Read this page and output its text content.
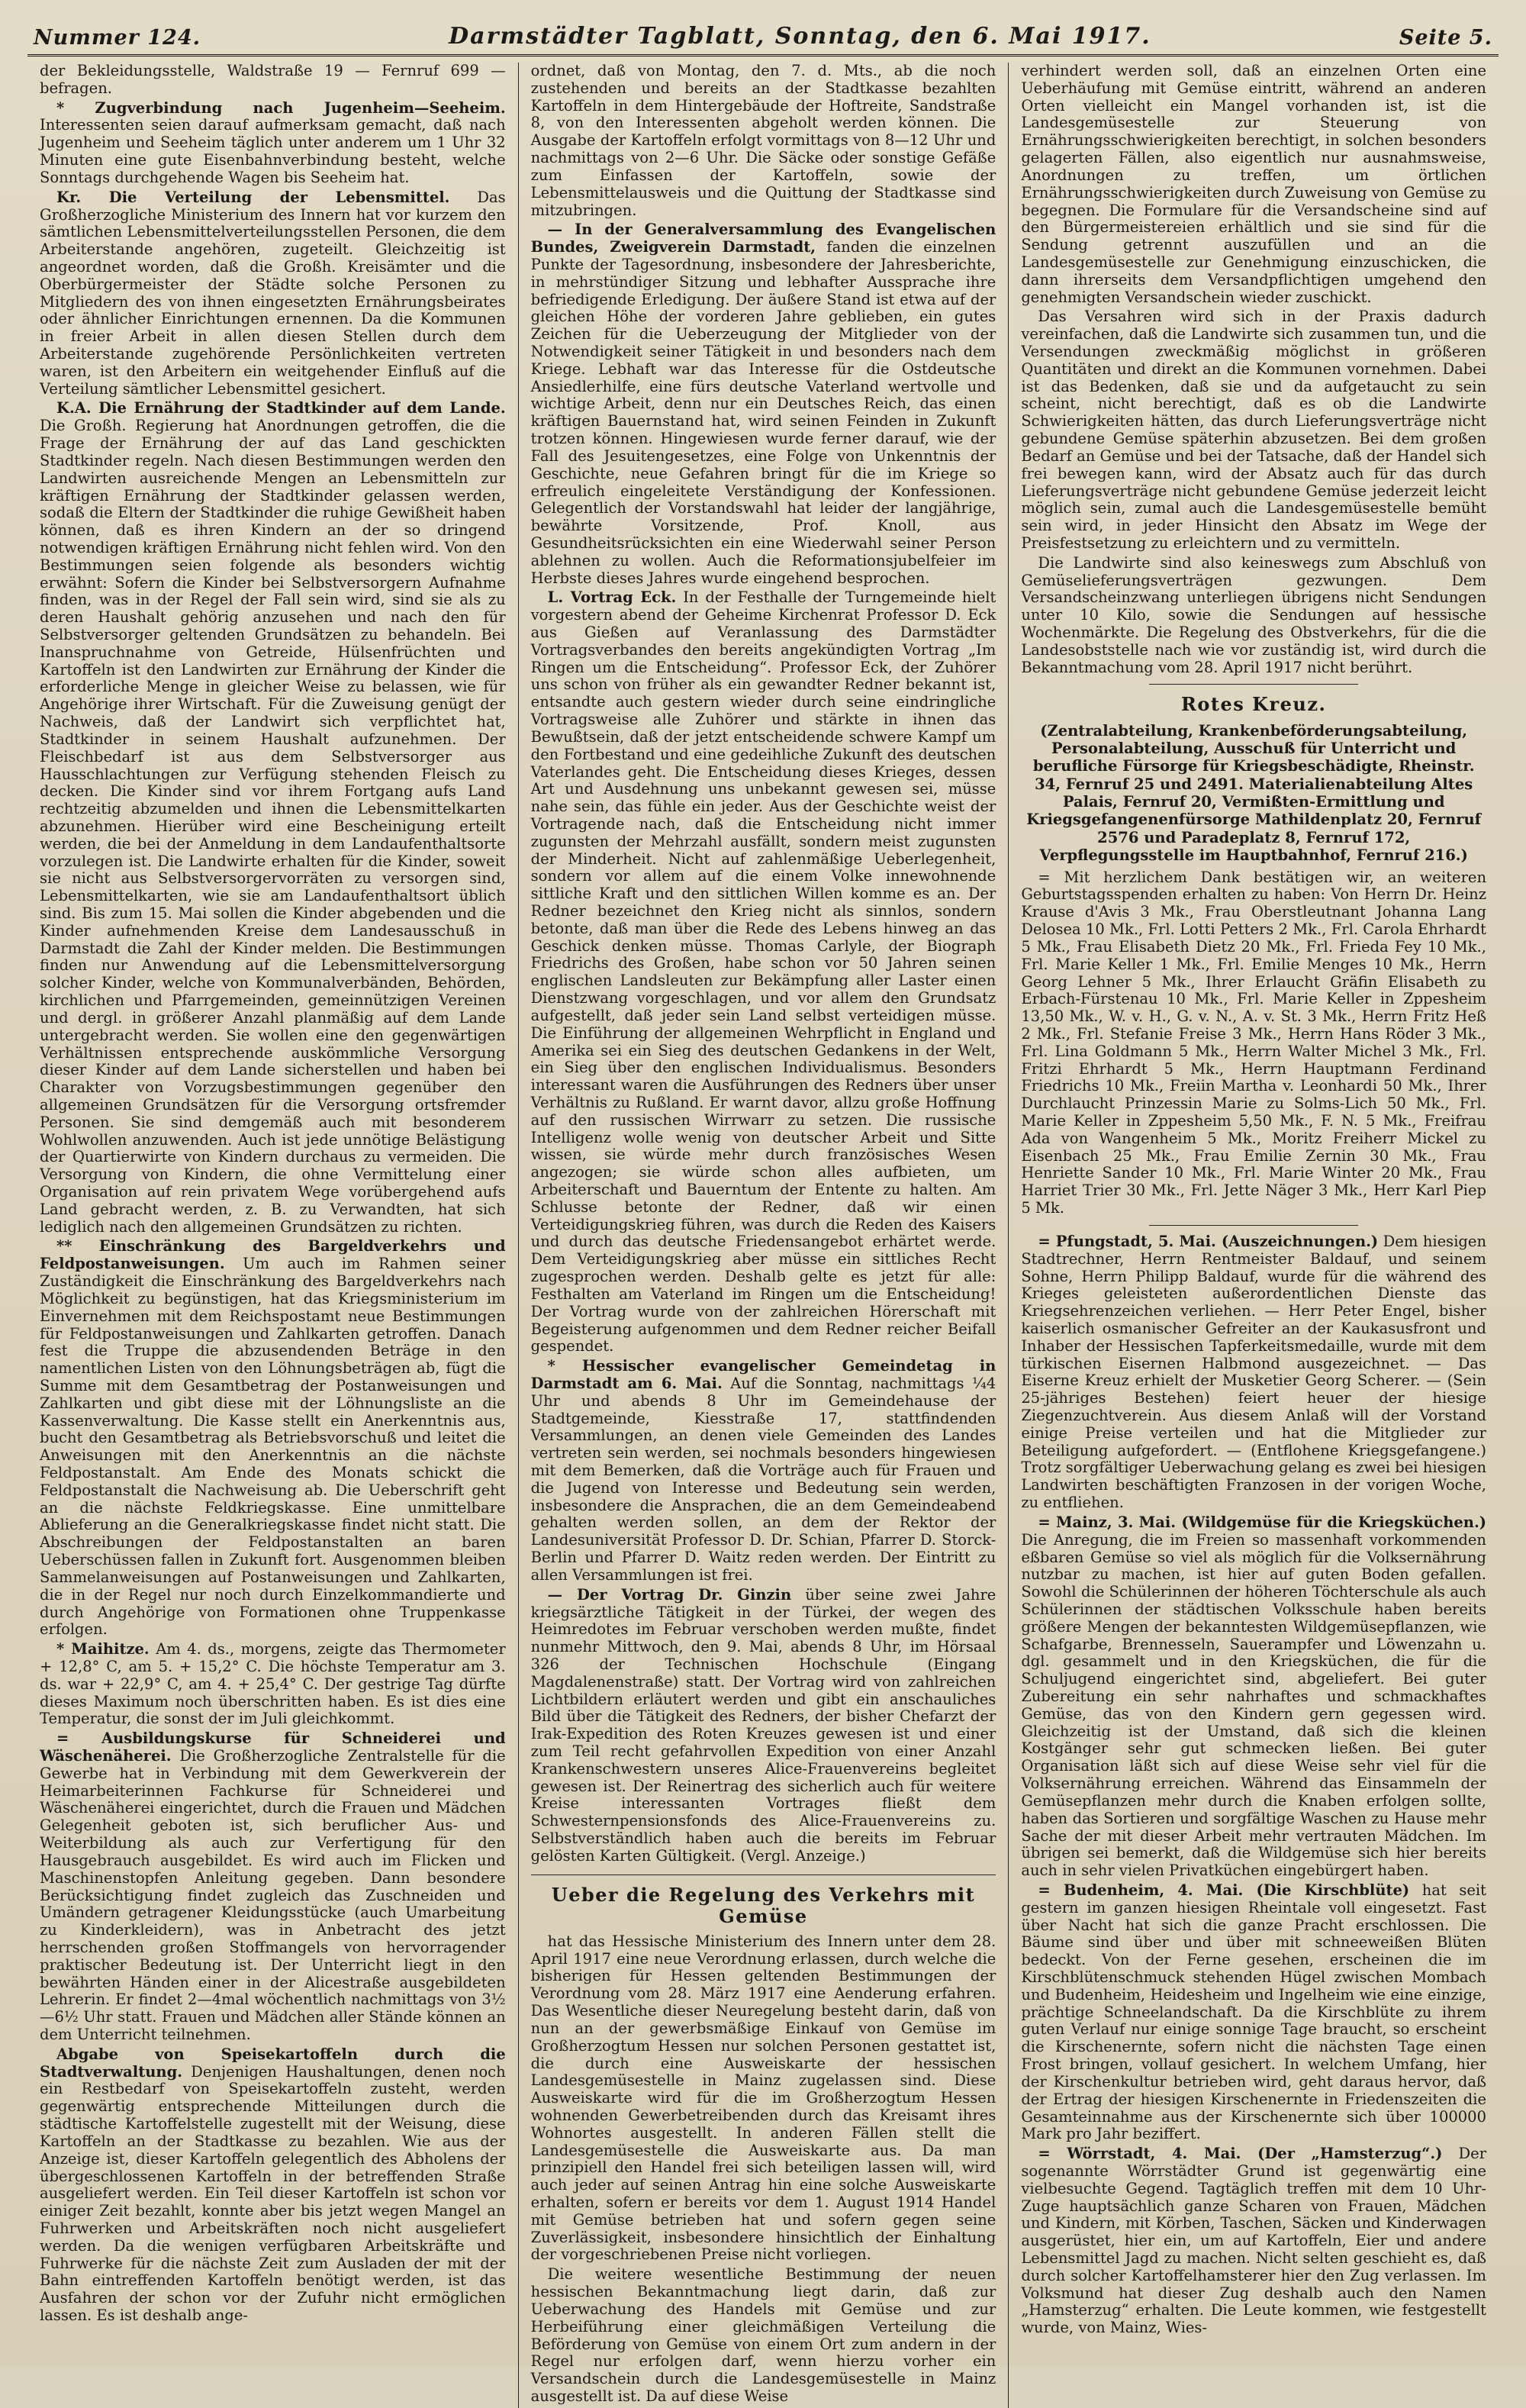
Nummer 124.	Darmstädter Tagblatt, Sonntag, den 6. Mai 1917.	Seite 5.

der Bekleidungsstelle, Waldstraße 19 — Fernruf 699 — befragen.

* Zugverbindung nach Jugenheim—Seeheim. Interessenten seien darauf aufmerksam gemacht, daß nach Jugenheim und Seeheim täglich unter anderem um 1 Uhr 32 Minuten eine gute Eisenbahnverbindung besteht, welche Sonntags durchgehende Wagen bis Seeheim hat.

Kr. Die Verteilung der Lebensmittel. Das Großherzogliche Ministerium des Innern hat vor kurzem den sämtlichen Lebensmittelverteilungsstellen Personen, die dem Arbeiterstande angehören, zugeteilt. Gleichzeitig ist angeordnet worden, daß die Großh. Kreisämter und die Oberbürgermeister der Städte solche Personen zu Mitgliedern des von ihnen eingesetzten Ernährungsbeirates oder ähnlicher Einrichtungen ernennen. Da die Kommunen in freier Arbeit in allen diesen Stellen durch dem Arbeiterstande zugehörende Persönlichkeiten vertreten waren, ist den Arbeitern ein weitgehender Einfluß auf die Verteilung sämtlicher Lebensmittel gesichert.

K.A. Die Ernährung der Stadtkinder auf dem Lande. Die Großh. Regierung hat Anordnungen getroffen, die die Frage der Ernährung der auf das Land geschickten Stadtkinder regeln. Nach diesen Bestimmungen werden den Landwirten ausreichende Mengen an Lebensmitteln zur kräftigen Ernährung der Stadtkinder gelassen werden, sodaß die Eltern der Stadtkinder die ruhige Gewißheit haben können, daß es ihren Kindern an der so dringend notwendigen kräftigen Ernährung nicht fehlen wird. Von den Bestimmungen seien folgende als besonders wichtig erwähnt: Sofern die Kinder bei Selbstversorgern Aufnahme finden, was in der Regel der Fall sein wird, sind sie als zu deren Haushalt gehörig anzusehen und nach den für Selbstversorger geltenden Grundsätzen zu behandeln. Bei Inanspruchnahme von Getreide, Hülsenfrüchten und Kartoffeln ist den Landwirten zur Ernährung der Kinder die erforderliche Menge in gleicher Weise zu belassen, wie für Angehörige ihrer Wirtschaft. Für die Zuweisung genügt der Nachweis, daß der Landwirt sich verpflichtet hat, Stadtkinder in seinem Haushalt aufzunehmen. Der Fleischbedarf ist aus dem Selbstversorger aus Hausschlachtungen zur Verfügung stehenden Fleisch zu decken. Die Kinder sind vor ihrem Fortgang aufs Land rechtzeitig abzumelden und ihnen die Lebensmittelkarten abzunehmen. Hierüber wird eine Bescheinigung erteilt werden, die bei der Anmeldung in dem Landaufenthaltsorte vorzulegen ist. Die Landwirte erhalten für die Kinder, soweit sie nicht aus Selbstversorgervorräten zu versorgen sind, Lebensmittelkarten, wie sie am Landaufenthaltsort üblich sind. Bis zum 15. Mai sollen die Kinder abgebenden und die Kinder aufnehmenden Kreise dem Landesausschuß in Darmstadt die Zahl der Kinder melden. Die Bestimmungen finden nur Anwendung auf die Lebensmittelversorgung solcher Kinder, welche von Kommunalverbänden, Behörden, kirchlichen und Pfarrgemeinden, gemeinnützigen Vereinen und dergl. in größerer Anzahl planmäßig auf dem Lande untergebracht werden. Sie wollen eine den gegenwärtigen Verhältnissen entsprechende auskömmliche Versorgung dieser Kinder auf dem Lande sicherstellen und haben bei Charakter von Vorzugsbestimmungen gegenüber den allgemeinen Grundsätzen für die Versorgung ortsfremder Personen. Sie sind demgemäß auch mit besonderem Wohlwollen anzuwenden. Auch ist jede unnötige Belästigung der Quartierwirte von Kindern durchaus zu vermeiden. Die Versorgung von Kindern, die ohne Vermittelung einer Organisation auf rein privatem Wege vorübergehend aufs Land gebracht werden, z. B. zu Verwandten, hat sich lediglich nach den allgemeinen Grundsätzen zu richten.

** Einschränkung des Bargeldverkehrs und Feldpostanweisungen. Um auch im Rahmen seiner Zuständigkeit die Einschränkung des Bargeldverkehrs nach Möglichkeit zu begünstigen, hat das Kriegsministerium im Einvernehmen mit dem Reichspostamt neue Bestimmungen für Feldpostanweisungen und Zahlkarten getroffen. Danach fest die Truppe die abzusendenden Beträge in den namentlichen Listen von den Löhnungsbeträgen ab, fügt die Summe mit dem Gesamtbetrag der Postanweisungen und Zahlkarten und gibt diese mit der Löhnungsliste an die Kassenverwaltung. Die Kasse stellt ein Anerkenntnis aus, bucht den Gesamtbetrag als Betriebsvorschuß und leitet die Anweisungen mit den Anerkenntnis an die nächste Feldpostanstalt. Am Ende des Monats schickt die Feldpostanstalt die Nachweisung ab. Die Ueberschrift geht an die nächste Feldkriegskasse. Eine unmittelbare Ablieferung an die Generalkriegskasse findet nicht statt. Die Abschreibungen der Feldpostanstalten an baren Ueberschüssen fallen in Zukunft fort. Ausgenommen bleiben Sammelanweisungen auf Postanweisungen und Zahlkarten, die in der Regel nur noch durch Einzelkommandierte und durch Angehörige von Formationen ohne Truppenkasse erfolgen.

* Maihitze. Am 4. ds., morgens, zeigte das Thermometer + 12,8° C, am 5. + 15,2° C. Die höchste Temperatur am 3. ds. war + 22,9° C, am 4. + 25,4° C. Der gestrige Tag dürfte dieses Maximum noch überschritten haben. Es ist dies eine Temperatur, die sonst der im Juli gleichkommt.

= Ausbildungskurse für Schneiderei und Wäschenäherei. Die Großherzogliche Zentralstelle für die Gewerbe hat in Verbindung mit dem Gewerkverein der Heimarbeiterinnen Fachkurse für Schneiderei und Wäschenäherei eingerichtet, durch die Frauen und Mädchen Gelegenheit geboten ist, sich beruflicher Aus- und Weiterbildung als auch zur Verfertigung für den Hausgebrauch ausgebildet. Es wird auch im Flicken und Maschinenstopfen Anleitung gegeben. Dann besondere Berücksichtigung findet zugleich das Zuschneiden und Umändern getragener Kleidungsstücke (auch Umarbeitung zu Kinderkleidern), was in Anbetracht des jetzt herrschenden großen Stoffmangels von hervorragender praktischer Bedeutung ist. Der Unterricht liegt in den bewährten Händen einer in der Alicestraße ausgebildeten Lehrerin. Er findet 2—4mal wöchentlich nachmittags von 3½—6½ Uhr statt. Frauen und Mädchen aller Stände können an dem Unterricht teilnehmen.

Abgabe von Speisekartoffeln durch die Stadtverwaltung. Denjenigen Haushaltungen, denen noch ein Restbedarf von Speisekartoffeln zusteht, werden gegenwärtig entsprechende Mitteilungen durch die städtische Kartoffelstelle zugestellt mit der Weisung, diese Kartoffeln an der Stadtkasse zu bezahlen. Wie aus der Anzeige ist, dieser Kartoffeln gelegentlich des Abholens der übergeschlossenen Kartoffeln in der betreffenden Straße ausgeliefert werden. Ein Teil dieser Kartoffeln ist schon vor einiger Zeit bezahlt, konnte aber bis jetzt wegen Mangel an Fuhrwerken und Arbeitskräften noch nicht ausgeliefert werden. Da die wenigen verfügbaren Arbeitskräfte und Fuhrwerke für die nächste Zeit zum Ausladen der mit der Bahn eintreffenden Kartoffeln benötigt werden, ist das Ausfahren der schon vor der Zufuhr nicht ermöglichen lassen. Es ist deshalb ange-

ordnet, daß von Montag, den 7. d. Mts., ab die noch zustehenden und bereits an der Stadtkasse bezahlten Kartoffeln in dem Hintergebäude der Hoftreite, Sandstraße 8, von den Interessenten abgeholt werden können. Die Ausgabe der Kartoffeln erfolgt vormittags von 8—12 Uhr und nachmittags von 2—6 Uhr. Die Säcke oder sonstige Gefäße zum Einfassen der Kartoffeln, sowie der Lebensmittelausweis und die Quittung der Stadtkasse sind mitzubringen.

— In der Generalversammlung des Evangelischen Bundes, Zweigverein Darmstadt, fanden die einzelnen Punkte der Tagesordnung, insbesondere der Jahresberichte, in mehrstündiger Sitzung und lebhafter Aussprache ihre befriedigende Erledigung. Der äußere Stand ist etwa auf der gleichen Höhe der vorderen Jahre geblieben, ein gutes Zeichen für die Ueberzeugung der Mitglieder von der Notwendigkeit seiner Tätigkeit in und besonders nach dem Kriege. Lebhaft war das Interesse für die Ostdeutsche Ansiedlerhilfe, eine fürs deutsche Vaterland wertvolle und wichtige Arbeit, denn nur ein Deutsches Reich, das einen kräftigen Bauernstand hat, wird seinen Feinden in Zukunft trotzen können. Hingewiesen wurde ferner darauf, wie der Fall des Jesuitengesetzes, eine Folge von Unkenntnis der Geschichte, neue Gefahren bringt für die im Kriege so erfreulich eingeleitete Verständigung der Konfessionen. Gelegentlich der Vorstandswahl hat leider der langjährige, bewährte Vorsitzende, Prof. Knoll, aus Gesundheitsrücksichten ein eine Wiederwahl seiner Person ablehnen zu wollen. Auch die Reformationsjubelfeier im Herbste dieses Jahres wurde eingehend besprochen.

L. Vortrag Eck. In der Festhalle der Turngemeinde hielt vorgestern abend der Geheime Kirchenrat Professor D. Eck aus Gießen auf Veranlassung des Darmstädter Vortragsverbandes den bereits angekündigten Vortrag „Im Ringen um die Entscheidung“. Professor Eck, der Zuhörer uns schon von früher als ein gewandter Redner bekannt ist, entsandte auch gestern wieder durch seine eindringliche Vortragsweise alle Zuhörer und stärkte in ihnen das Bewußtsein, daß der jetzt entscheidende schwere Kampf um den Fortbestand und eine gedeihliche Zukunft des deutschen Vaterlandes geht. Die Entscheidung dieses Krieges, dessen Art und Ausdehnung uns unbekannt gewesen sei, müsse nahe sein, das fühle ein jeder. Aus der Geschichte weist der Vortragende nach, daß die Entscheidung nicht immer zugunsten der Mehrzahl ausfällt, sondern meist zugunsten der Minderheit. Nicht auf zahlenmäßige Ueberlegenheit, sondern vor allem auf die einem Volke innewohnende sittliche Kraft und den sittlichen Willen komme es an. Der Redner bezeichnet den Krieg nicht als sinnlos, sondern betonte, daß man über die Rede des Lebens hinweg an das Geschick denken müsse. Thomas Carlyle, der Biograph Friedrichs des Großen, habe schon vor 50 Jahren seinen englischen Landsleuten zur Bekämpfung aller Laster einen Dienstzwang vorgeschlagen, und vor allem den Grundsatz aufgestellt, daß jeder sein Land selbst verteidigen müsse. Die Einführung der allgemeinen Wehrpflicht in England und Amerika sei ein Sieg des deutschen Gedankens in der Welt, ein Sieg über den englischen Individualismus. Besonders interessant waren die Ausführungen des Redners über unser Verhältnis zu Rußland. Er warnt davor, allzu große Hoffnung auf den russischen Wirrwarr zu setzen. Die russische Intelligenz wolle wenig von deutscher Arbeit und Sitte wissen, sie würde mehr durch französisches Wesen angezogen; sie würde schon alles aufbieten, um Arbeiterschaft und Bauerntum der Entente zu halten. Am Schlusse betonte der Redner, daß wir einen Verteidigungskrieg führen, was durch die Reden des Kaisers und durch das deutsche Friedensangebot erhärtet werde. Dem Verteidigungskrieg aber müsse ein sittliches Recht zugesprochen werden. Deshalb gelte es jetzt für alle: Festhalten am Vaterland im Ringen um die Entscheidung! Der Vortrag wurde von der zahlreichen Hörerschaft mit Begeisterung aufgenommen und dem Redner reicher Beifall gespendet.

* Hessischer evangelischer Gemeindetag in Darmstadt am 6. Mai. Auf die Sonntag, nachmittags ¼4 Uhr und abends 8 Uhr im Gemeindehause der Stadtgemeinde, Kiesstraße 17, stattfindenden Versammlungen, an denen viele Gemeinden des Landes vertreten sein werden, sei nochmals besonders hingewiesen mit dem Bemerken, daß die Vorträge auch für Frauen und die Jugend von Interesse und Bedeutung sein werden, insbesondere die Ansprachen, die an dem Gemeindeabend gehalten werden sollen, an dem der Rektor der Landesuniversität Professor D. Dr. Schian, Pfarrer D. Storck-Berlin und Pfarrer D. Waitz reden werden. Der Eintritt zu allen Versammlungen ist frei.

— Der Vortrag Dr. Ginzin über seine zwei Jahre kriegsärztliche Tätigkeit in der Türkei, der wegen des Heimredotes im Februar verschoben werden mußte, findet nunmehr Mittwoch, den 9. Mai, abends 8 Uhr, im Hörsaal 326 der Technischen Hochschule (Eingang Magdalenenstraße) statt. Der Vortrag wird von zahlreichen Lichtbildern erläutert werden und gibt ein anschauliches Bild über die Tätigkeit des Redners, der bisher Chefarzt der Irak-Expedition des Roten Kreuzes gewesen ist und einer zum Teil recht gefahrvollen Expedition von einer Anzahl Krankenschwestern unseres Alice-Frauenvereins begleitet gewesen ist. Der Reinertrag des sicherlich auch für weitere Kreise interessanten Vortrages fließt dem Schwesternpensionsfonds des Alice-Frauenvereins zu. Selbstverständlich haben auch die bereits im Februar gelösten Karten Gültigkeit. (Vergl. Anzeige.)

Ueber die Regelung des Verkehrs mit Gemüse

hat das Hessische Ministerium des Innern unter dem 28. April 1917 eine neue Verordnung erlassen, durch welche die bisherigen für Hessen geltenden Bestimmungen der Verordnung vom 28. März 1917 eine Aenderung erfahren. Das Wesentliche dieser Neuregelung besteht darin, daß von nun an der gewerbsmäßige Einkauf von Gemüse im Großherzogtum Hessen nur solchen Personen gestattet ist, die durch eine Ausweiskarte der hessischen Landesgemüsestelle in Mainz zugelassen sind. Diese Ausweiskarte wird für die im Großherzogtum Hessen wohnenden Gewerbetreibenden durch das Kreisamt ihres Wohnortes ausgestellt. In anderen Fällen stellt die Landesgemüsestelle die Ausweiskarte aus. Da man prinzipiell den Handel frei sich beteiligen lassen will, wird auch jeder auf seinen Antrag hin eine solche Ausweiskarte erhalten, sofern er bereits vor dem 1. August 1914 Handel mit Gemüse betrieben hat und sofern gegen seine Zuverlässigkeit, insbesondere hinsichtlich der Einhaltung der vorgeschriebenen Preise nicht vorliegen.

Die weitere wesentliche Bestimmung der neuen hessischen Bekanntmachung liegt darin, daß zur Ueberwachung des Handels mit Gemüse und zur Herbeiführung einer gleichmäßigen Verteilung die Beförderung von Gemüse von einem Ort zum andern in der Regel nur erfolgen darf, wenn hierzu vorher ein Versandschein durch die Landesgemüsestelle in Mainz ausgestellt ist. Da auf diese Weise

verhindert werden soll, daß an einzelnen Orten eine Ueberhäufung mit Gemüse eintritt, während an anderen Orten vielleicht ein Mangel vorhanden ist, ist die Landesgemüsestelle zur Steuerung von Ernährungsschwierigkeiten berechtigt, in solchen besonders gelagerten Fällen, also eigentlich nur ausnahmsweise, Anordnungen zu treffen, um örtlichen Ernährungsschwierigkeiten durch Zuweisung von Gemüse zu begegnen. Die Formulare für die Versandscheine sind auf den Bürgermeistereien erhältlich und sie sind für die Sendung getrennt auszufüllen und an die Landesgemüsestelle zur Genehmigung einzuschicken, die dann ihrerseits dem Versandpflichtigen umgehend den genehmigten Versandschein wieder zuschickt.

Das Versahren wird sich in der Praxis dadurch vereinfachen, daß die Landwirte sich zusammen tun, und die Versendungen zweckmäßig möglichst in größeren Quantitäten und direkt an die Kommunen vornehmen. Dabei ist das Bedenken, daß sie und da aufgetaucht zu sein scheint, nicht berechtigt, daß es ob die Landwirte Schwierigkeiten hätten, das durch Lieferungsverträge nicht gebundene Gemüse späterhin abzusetzen. Bei dem großen Bedarf an Gemüse und bei der Tatsache, daß der Handel sich frei bewegen kann, wird der Absatz auch für das durch Lieferungsverträge nicht gebundene Gemüse jederzeit leicht möglich sein, zumal auch die Landesgemüsestelle bemüht sein wird, in jeder Hinsicht den Absatz im Wege der Preisfestsetzung zu erleichtern und zu vermitteln.

Die Landwirte sind also keineswegs zum Abschluß von Gemüselieferungsverträgen gezwungen. Dem Versandscheinzwang unterliegen übrigens nicht Sendungen unter 10 Kilo, sowie die Sendungen auf hessische Wochenmärkte. Die Regelung des Obstverkehrs, für die die Landesobststelle nach wie vor zuständig ist, wird durch die Bekanntmachung vom 28. April 1917 nicht berührt.

Rotes Kreuz.
(Zentralabteilung, Krankenbeförderungsabteilung, Personalabteilung, Ausschuß für Unterricht und berufliche Fürsorge für Kriegsbeschädigte, Rheinstr. 34, Fernruf 25 und 2491. Materialienabteilung Altes Palais, Fernruf 20, Vermißten-Ermittlung und Kriegsgefangenenfürsorge Mathildenplatz 20, Fernruf 2576 und Paradeplatz 8, Fernruf 172, Verpflegungsstelle im Hauptbahnhof, Fernruf 216.)

= Mit herzlichem Dank bestätigen wir, an weiteren Geburtstagsspenden erhalten zu haben: Von Herrn Dr. Heinz Krause d'Avis 3 Mk., Frau Oberstleutnant Johanna Lang Delosea 10 Mk., Frl. Lotti Petters 2 Mk., Frl. Carola Ehrhardt 5 Mk., Frau Elisabeth Dietz 20 Mk., Frl. Frieda Fey 10 Mk., Frl. Marie Keller 1 Mk., Frl. Emilie Menges 10 Mk., Herrn Georg Lehner 5 Mk., Ihrer Erlaucht Gräfin Elisabeth zu Erbach-Fürstenau 10 Mk., Frl. Marie Keller in Zppesheim 13,50 Mk., W. v. H., G. v. N., A. v. St. 3 Mk., Herrn Fritz Heß 2 Mk., Frl. Stefanie Freise 3 Mk., Herrn Hans Röder 3 Mk., Frl. Lina Goldmann 5 Mk., Herrn Walter Michel 3 Mk., Frl. Fritzi Ehrhardt 5 Mk., Herrn Hauptmann Ferdinand Friedrichs 10 Mk., Freiin Martha v. Leonhardi 50 Mk., Ihrer Durchlaucht Prinzessin Marie zu Solms-Lich 50 Mk., Frl. Marie Keller in Zppesheim 5,50 Mk., F. N. 5 Mk., Freifrau Ada von Wangenheim 5 Mk., Moritz Freiherr Mickel zu Eisenbach 25 Mk., Frau Emilie Zernin 30 Mk., Frau Henriette Sander 10 Mk., Frl. Marie Winter 20 Mk., Frau Harriet Trier 30 Mk., Frl. Jette Näger 3 Mk., Herr Karl Piep 5 Mk.

= Pfungstadt, 5. Mai. (Auszeichnungen.) Dem hiesigen Stadtrechner, Herrn Rentmeister Baldauf, und seinem Sohne, Herrn Philipp Baldauf, wurde für die während des Krieges geleisteten außerordentlichen Dienste das Kriegsehrenzeichen verliehen. — Herr Peter Engel, bisher kaiserlich osmanischer Gefreiter an der Kaukasusfront und Inhaber der Hessischen Tapferkeitsmedaille, wurde mit dem türkischen Eisernen Halbmond ausgezeichnet. — Das Eiserne Kreuz erhielt der Musketier Georg Scherer. — (Sein 25-jähriges Bestehen) feiert heuer der hiesige Ziegenzuchtverein. Aus diesem Anlaß will der Vorstand einige Preise verteilen und hat die Mitglieder zur Beteiligung aufgefordert. — (Entflohene Kriegsgefangene.) Trotz sorgfältiger Ueberwachung gelang es zwei bei hiesigen Landwirten beschäftigten Franzosen in der vorigen Woche, zu entfliehen.

= Mainz, 3. Mai. (Wildgemüse für die Kriegsküchen.) Die Anregung, die im Freien so massenhaft vorkommenden eßbaren Gemüse so viel als möglich für die Volksernährung nutzbar zu machen, ist hier auf guten Boden gefallen. Sowohl die Schülerinnen der höheren Töchterschule als auch Schülerinnen der städtischen Volksschule haben bereits größere Mengen der bekanntesten Wildgemüsepflanzen, wie Schafgarbe, Brennesseln, Sauerampfer und Löwenzahn u. dgl. gesammelt und in den Kriegsküchen, die für die Schuljugend eingerichtet sind, abgeliefert. Bei guter Zubereitung ein sehr nahrhaftes und schmackhaftes Gemüse, das von den Kindern gern gegessen wird. Gleichzeitig ist der Umstand, daß sich die kleinen Kostgänger sehr gut schmecken ließen. Bei guter Organisation läßt sich auf diese Weise sehr viel für die Volksernährung erreichen. Während das Einsammeln der Gemüsepflanzen mehr durch die Knaben erfolgen sollte, haben das Sortieren und sorgfältige Waschen zu Hause mehr Sache der mit dieser Arbeit mehr vertrauten Mädchen. Im übrigen sei bemerkt, daß die Wildgemüse sich hier bereits auch in sehr vielen Privatküchen eingebürgert haben.

= Budenheim, 4. Mai. (Die Kirschblüte) hat seit gestern im ganzen hiesigen Rheintale voll eingesetzt. Fast über Nacht hat sich die ganze Pracht erschlossen. Die Bäume sind über und über mit schneeweißen Blüten bedeckt. Von der Ferne gesehen, erscheinen die im Kirschblütenschmuck stehenden Hügel zwischen Mombach und Budenheim, Heidesheim und Ingelheim wie eine einzige, prächtige Schneelandschaft. Da die Kirschblüte zu ihrem guten Verlauf nur einige sonnige Tage braucht, so erscheint die Kirschenernte, sofern nicht die nächsten Tage einen Frost bringen, vollauf gesichert. In welchem Umfang, hier der Kirschenkultur betrieben wird, geht daraus hervor, daß der Ertrag der hiesigen Kirschenernte in Friedenszeiten die Gesamteinnahme aus der Kirschenernte sich über 100000 Mark pro Jahr beziffert.

= Wörrstadt, 4. Mai. (Der „Hamsterzug“.) Der sogenannte Wörrstädter Grund ist gegenwärtig eine vielbesuchte Gegend. Tagtäglich treffen mit dem 10 Uhr-Zuge hauptsächlich ganze Scharen von Frauen, Mädchen und Kindern, mit Körben, Taschen, Säcken und Kinderwagen ausgerüstet, hier ein, um auf Kartoffeln, Eier und andere Lebensmittel Jagd zu machen. Nicht selten geschieht es, daß durch solcher Kartoffelhamsterer hier den Zug verlassen. Im Volksmund hat dieser Zug deshalb auch den Namen „Hamsterzug“ erhalten. Die Leute kommen, wie festgestellt wurde, von Mainz, Wies-
